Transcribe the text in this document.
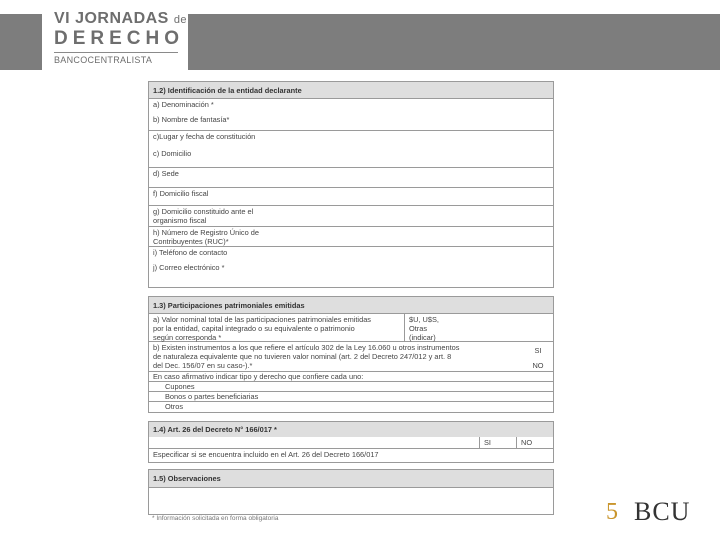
VI JORNADAS de
DERECHO
BANCOCENTRALISTA
1.2) Identificación de la entidad declarante
a) Denominación *
b) Nombre de fantasía*
c)Lugar y fecha de constitución
c) Domicilio
d) Sede
f) Domicilio fiscal
g) Domicilio constituido ante el
organismo fiscal
h) Número de Registro Único de
Contribuyentes (RUC)*
i) Teléfono de contacto
j) Correo electrónico *
1.3) Participaciones patrimoniales emitidas
a) Valor nominal total de las participaciones patrimoniales emitidas
por la entidad, capital integrado o su equivalente o patrimonio
según corresponda *
$U, U$S,
Otras
(indicar)
b) Existen instrumentos a los que refiere el artículo 302 de la Ley 16.060 u otros instrumentos
de naturaleza equivalente que no tuvieren valor nominal (art. 2 del Decreto 247/012 y art. 8
del Dec. 156/07 en su caso-).*
SI
NO
En caso afirmativo indicar tipo y derecho que confiere cada uno:
Cupones
Bonos o partes beneficiarias
Otros
1.4) Art. 26 del Decreto N° 166/017 *
SI	NO
Especificar si se encuentra incluido en el Art. 26 del Decreto 166/017
1.5) Observaciones
* Información solicitada en forma obligatoria	5 BCU
